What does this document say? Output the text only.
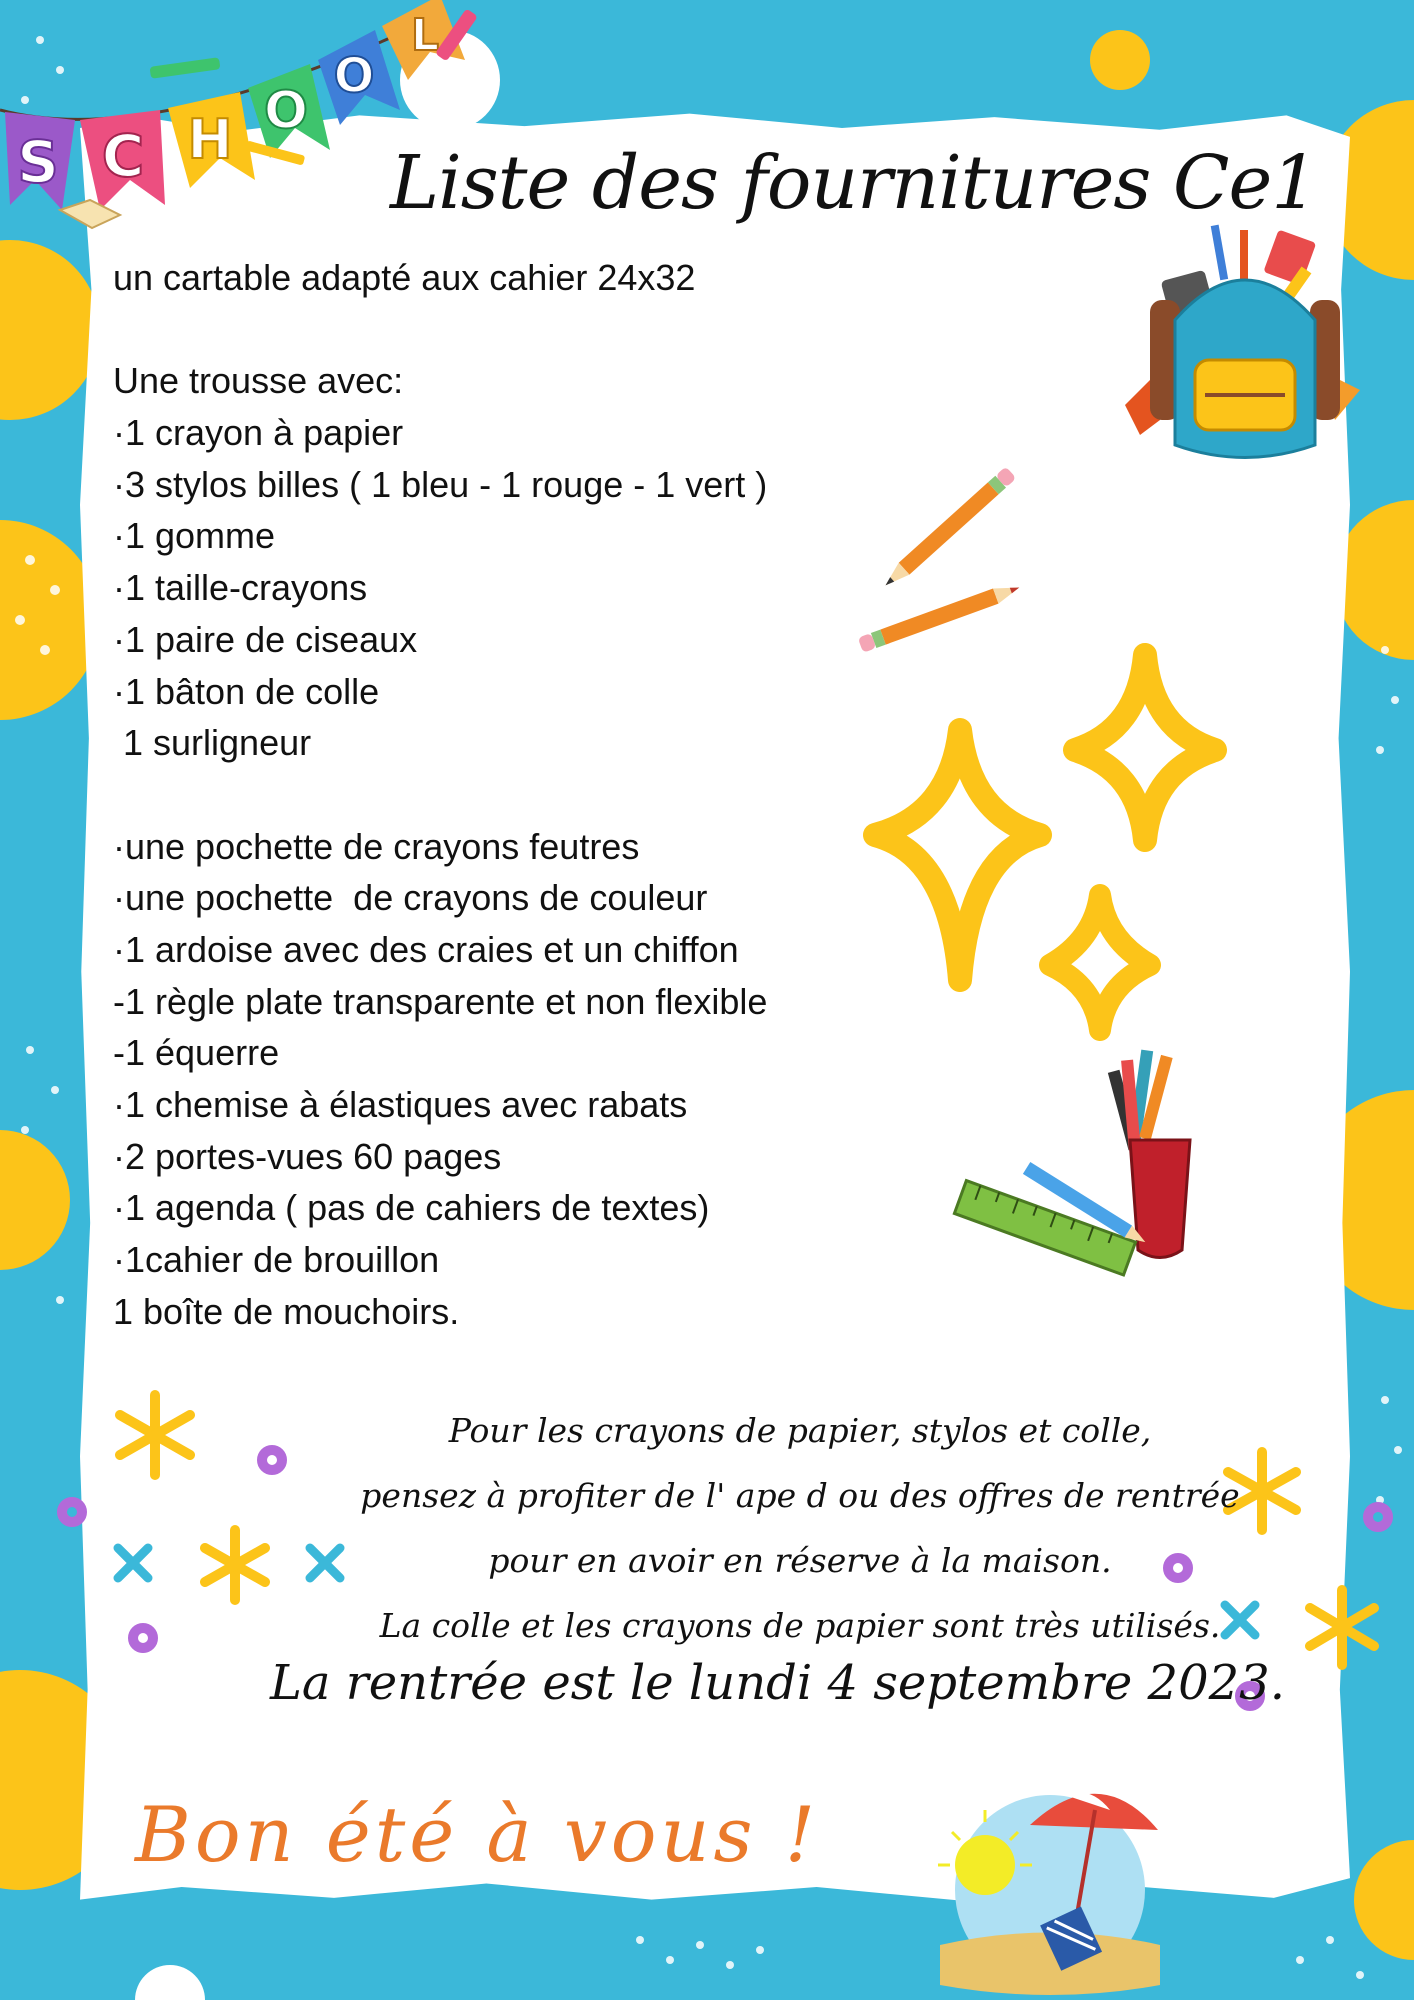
S C H O
O
L
Liste des fournitures Ce1
un cartable adapté aux cahier 24x32
Une trousse avec:
·1 crayon à papier
·3 stylos billes ( 1 bleu - 1 rouge - 1 vert )
·1 gomme
·1 taille-crayons
·1 paire de ciseaux
·1 bâton de colle
1 surligneur
·une pochette de crayons feutres
·une pochette  de crayons de couleur
·1 ardoise avec des craies et un chiffon
-1 règle plate transparente et non flexible
-1 équerre
·1 chemise à élastiques avec rabats
·2 portes-vues 60 pages
·1 agenda ( pas de cahiers de textes)
·1cahier de brouillon
1 boîte de mouchoirs.
Pour les crayons de papier, stylos et colle,
pensez à profiter de l' ape d ou des offres de rentrée
pour en avoir en réserve à la maison.
La colle et les crayons de papier sont très utilisés.
La rentrée est le lundi 4 septembre 2023.
Bon été à vous !
